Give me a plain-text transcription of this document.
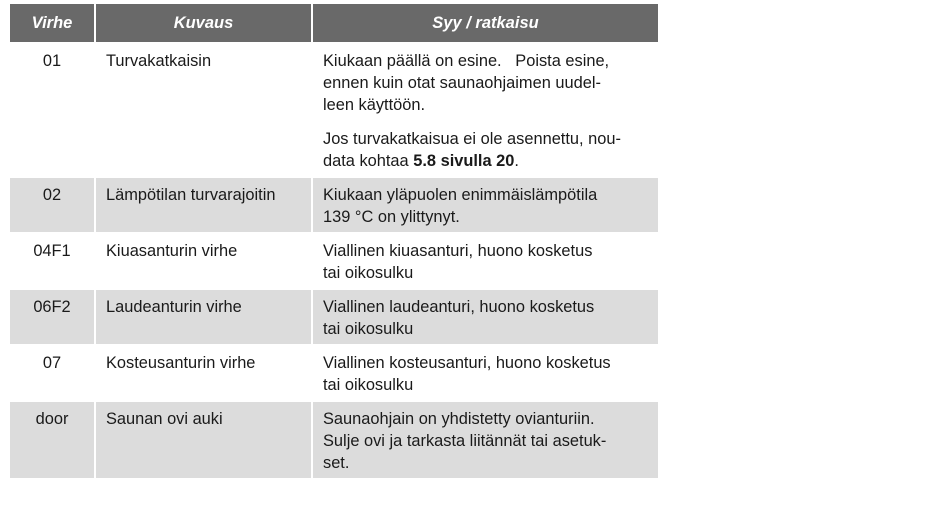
Virhe	Kuvaus	Syy / ratkaisu
01	Turvakatkaisin	Kiukaan päällä on esine.   Poista esine,
ennen kuin otat saunaohjaimen uudel-
leen käyttöön.
Jos turvakatkaisua ei ole asennettu, nou-
data kohtaa 5.8 sivulla 20.
02	Lämpötilan turvarajoitin	Kiukaan yläpuolen enimmäislämpötila
139 °C on ylittynyt.
04F1	Kiuasanturin virhe	Viallinen kiuasanturi, huono kosketus
tai oikosulku
06F2	Laudeanturin virhe	Viallinen laudeanturi, huono kosketus
tai oikosulku
07	Kosteusanturin virhe	Viallinen kosteusanturi, huono kosketus
tai oikosulku
door	Saunan ovi auki	Saunaohjain on yhdistetty ovianturiin.
Sulje ovi ja tarkasta liitännät tai asetuk-
set.
